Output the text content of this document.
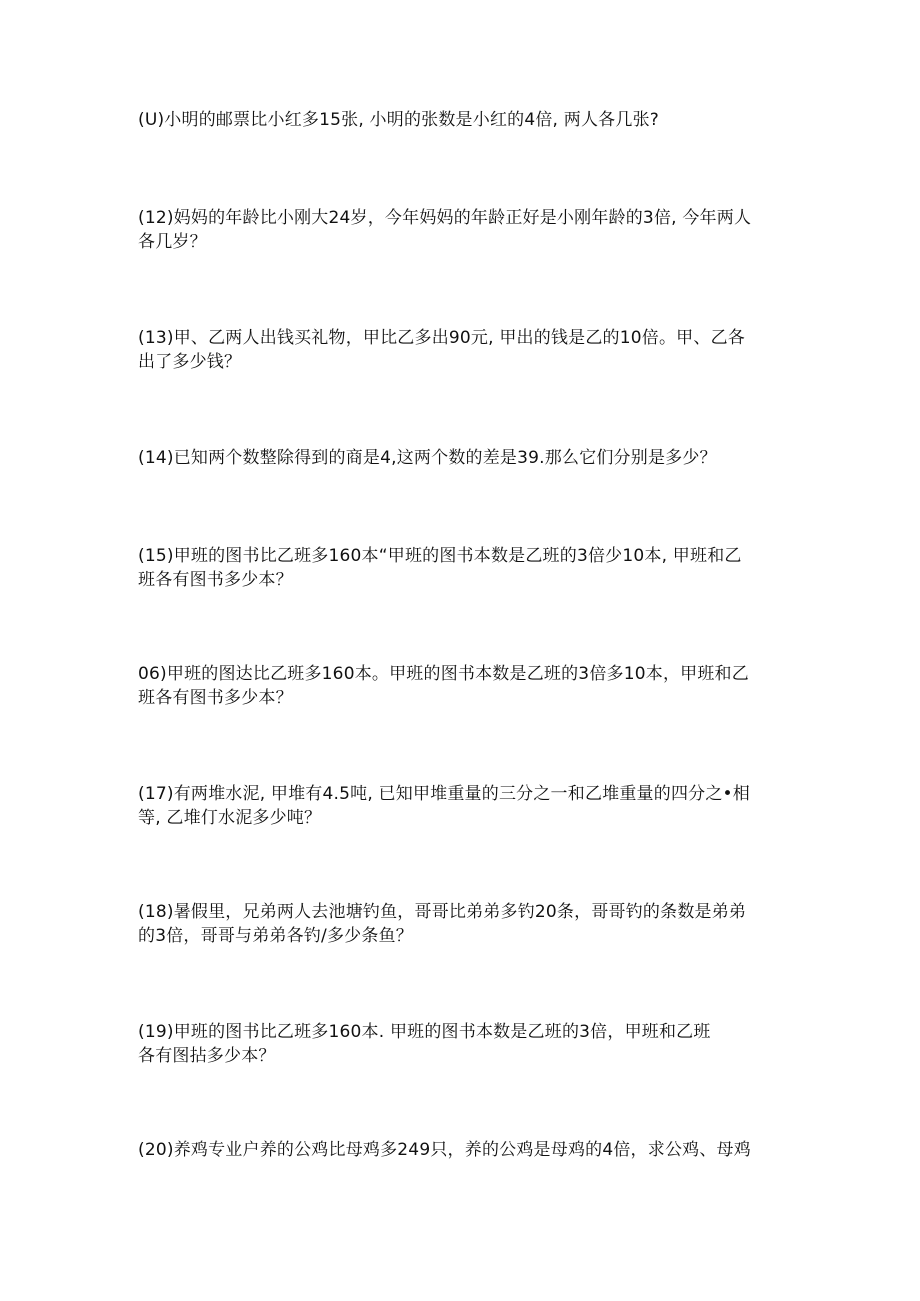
(U)小明的邮票比小红多15张, 小明的张数是小红的4倍, 两人各几张?
(12)妈妈的年龄比小刚大24岁，今年妈妈的年龄正好是小刚年龄的3倍, 今年两人
各几岁？
(13)甲、乙两人出钱买礼物，甲比乙多出90元, 甲出的钱是乙的10倍。甲、乙各
出了多少钱？
(14)已知两个数整除得到的商是4,这两个数的差是39.那么它们分别是多少？
(15)甲班的图书比乙班多160本“甲班的图书本数是乙班的3倍少10本, 甲班和乙
班各有图书多少本？
06)甲班的图达比乙班多160本。甲班的图书本数是乙班的3倍多10本，甲班和乙
班各有图书多少本？
(17)有两堆水泥, 甲堆有4.5吨, 已知甲堆重量的三分之一和乙堆重量的四分之•相
等, 乙堆仃水泥多少吨？
(18)暑假里，兄弟两人去池塘钓鱼，哥哥比弟弟多钓20条，哥哥钓的条数是弟弟
的3倍，哥哥与弟弟各钓/多少条鱼？
(19)甲班的图书比乙班多160本. 甲班的图书本数是乙班的3倍，甲班和乙班
各有图拈多少本？
(20)养鸡专业户养的公鸡比母鸡多249只，养的公鸡是母鸡的4倍，求公鸡、母鸡
